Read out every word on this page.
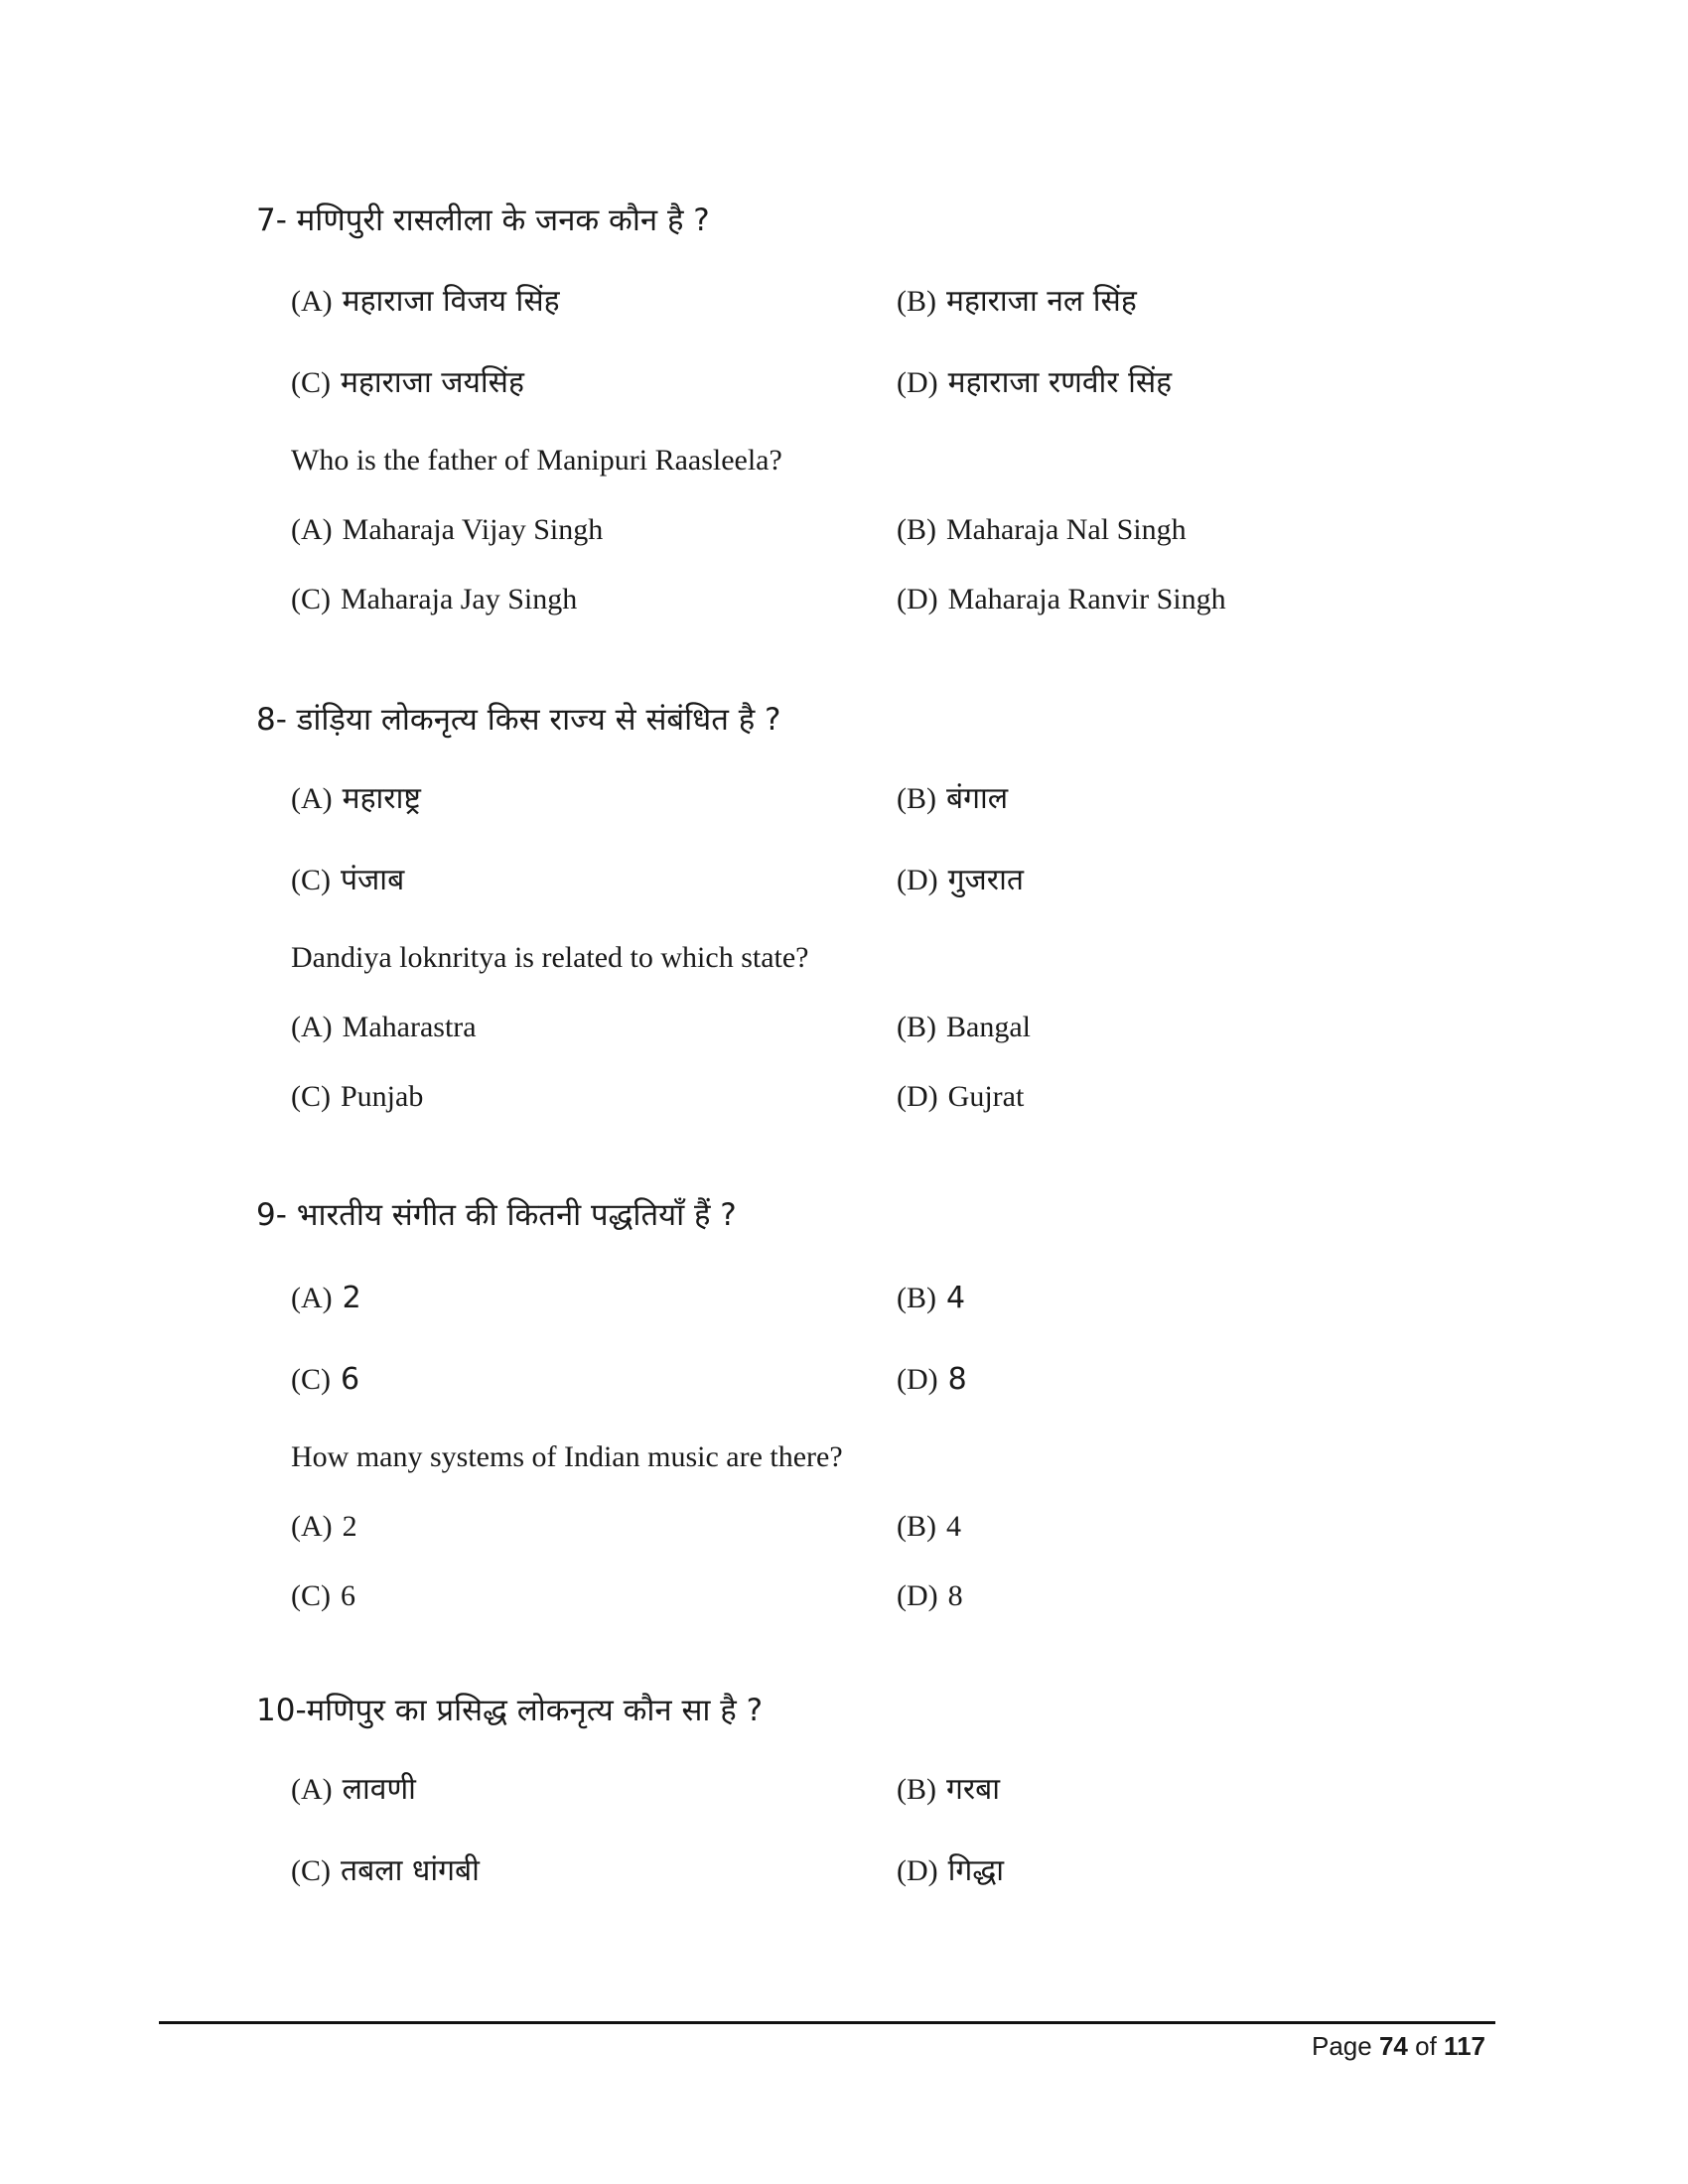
7- मणिपुरी रासलीला के जनक कौन है ?

(A) महाराजा विजय सिंह	(B) महाराजा नल सिंह
(C) महाराजा जयसिंह	(D) महाराजा रणवीर सिंह
Who is the father of Manipuri Raasleela?
(A) Maharaja Vijay Singh	(B) Maharaja Nal Singh
(C) Maharaja Jay Singh	(D) Maharaja Ranvir Singh

8- डांड़िया लोकनृत्य किस राज्य से संबंधित है ?

(A) महाराष्ट्र	(B) बंगाल
(C) पंजाब	(D) गुजरात
Dandiya loknritya is related to which state?
(A) Maharastra	(B) Bangal
(C) Punjab	(D) Gujrat

9- भारतीय संगीत की कितनी पद्धतियाँ हैं ?

(A) 2	(B) 4
(C) 6	(D) 8
How many systems of Indian music are there?
(A) 2	(B) 4
(C) 6	(D) 8

10-मणिपुर का प्रसिद्ध लोकनृत्य कौन सा है ?

(A) लावणी	(B) गरबा
(C) तबला धांगबी	(D) गिद्धा
Page 74 of 117
